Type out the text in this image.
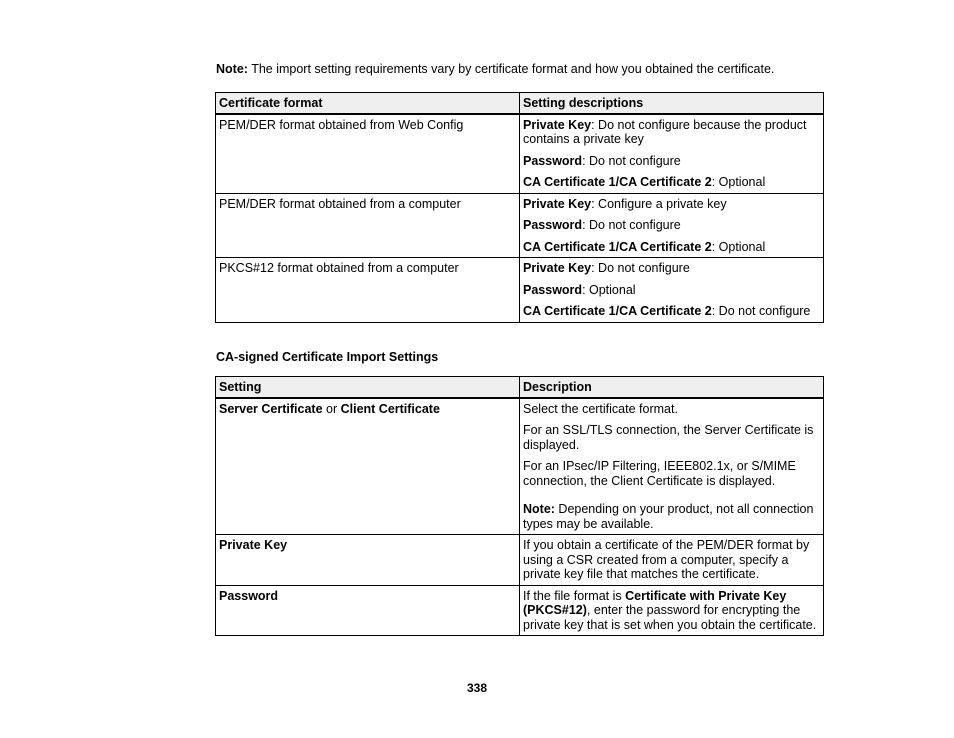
Note: The import setting requirements vary by certificate format and how you obtained the certificate.
Certificate format	Setting descriptions
PEM/DER format obtained from Web Config	Private Key: Do not configure because the product contains a private key
Password: Do not configure
CA Certificate 1/CA Certificate 2: Optional

PEM/DER format obtained from a computer	Private Key: Configure a private key
Password: Do not configure
CA Certificate 1/CA Certificate 2: Optional

PKCS#12 format obtained from a computer	Private Key: Do not configure
Password: Optional
CA Certificate 1/CA Certificate 2: Do not configure
CA-signed Certificate Import Settings
Setting	Description
Server Certificate or Client Certificate	Select the certificate format.
For an SSL/TLS connection, the Server Certificate is displayed.
For an IPsec/IP Filtering, IEEE802.1x, or S/MIME connection, the Client Certificate is displayed.
Note: Depending on your product, not all connection types may be available.

Private Key	If you obtain a certificate of the PEM/DER format by using a CSR created from a computer, specify a private key file that matches the certificate.
Password	If the file format is Certificate with Private Key (PKCS#12), enter the password for encrypting the private key that is set when you obtain the certificate.
338
